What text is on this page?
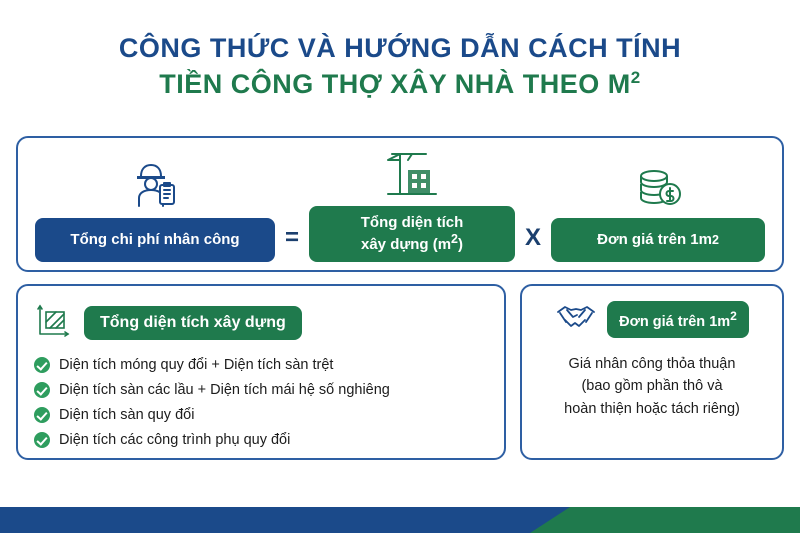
CÔNG THỨC VÀ HƯỚNG DẪN CÁCH TÍNH
TIỀN CÔNG THỢ XÂY NHÀ THEO $M^2$
Tổng chi phí nhân công	=
Tổng diện tích
xây dựng $(m^2)$	X	Đơn giá trên 1m 2
Tổng diện tích xây dựng
Diện tích móng quy đổi + Diện tích sàn trệt
Diện tích sàn các lầu + Diện tích mái hệ số nghiêng
Diện tích sàn quy đổi
Diện tích các công trình phụ quy đổi
Đơn giá trên $1m^2$
Giá nhân công thỏa thuận
(bao gồm phần thô và
hoàn thiện hoặc tách riêng)
